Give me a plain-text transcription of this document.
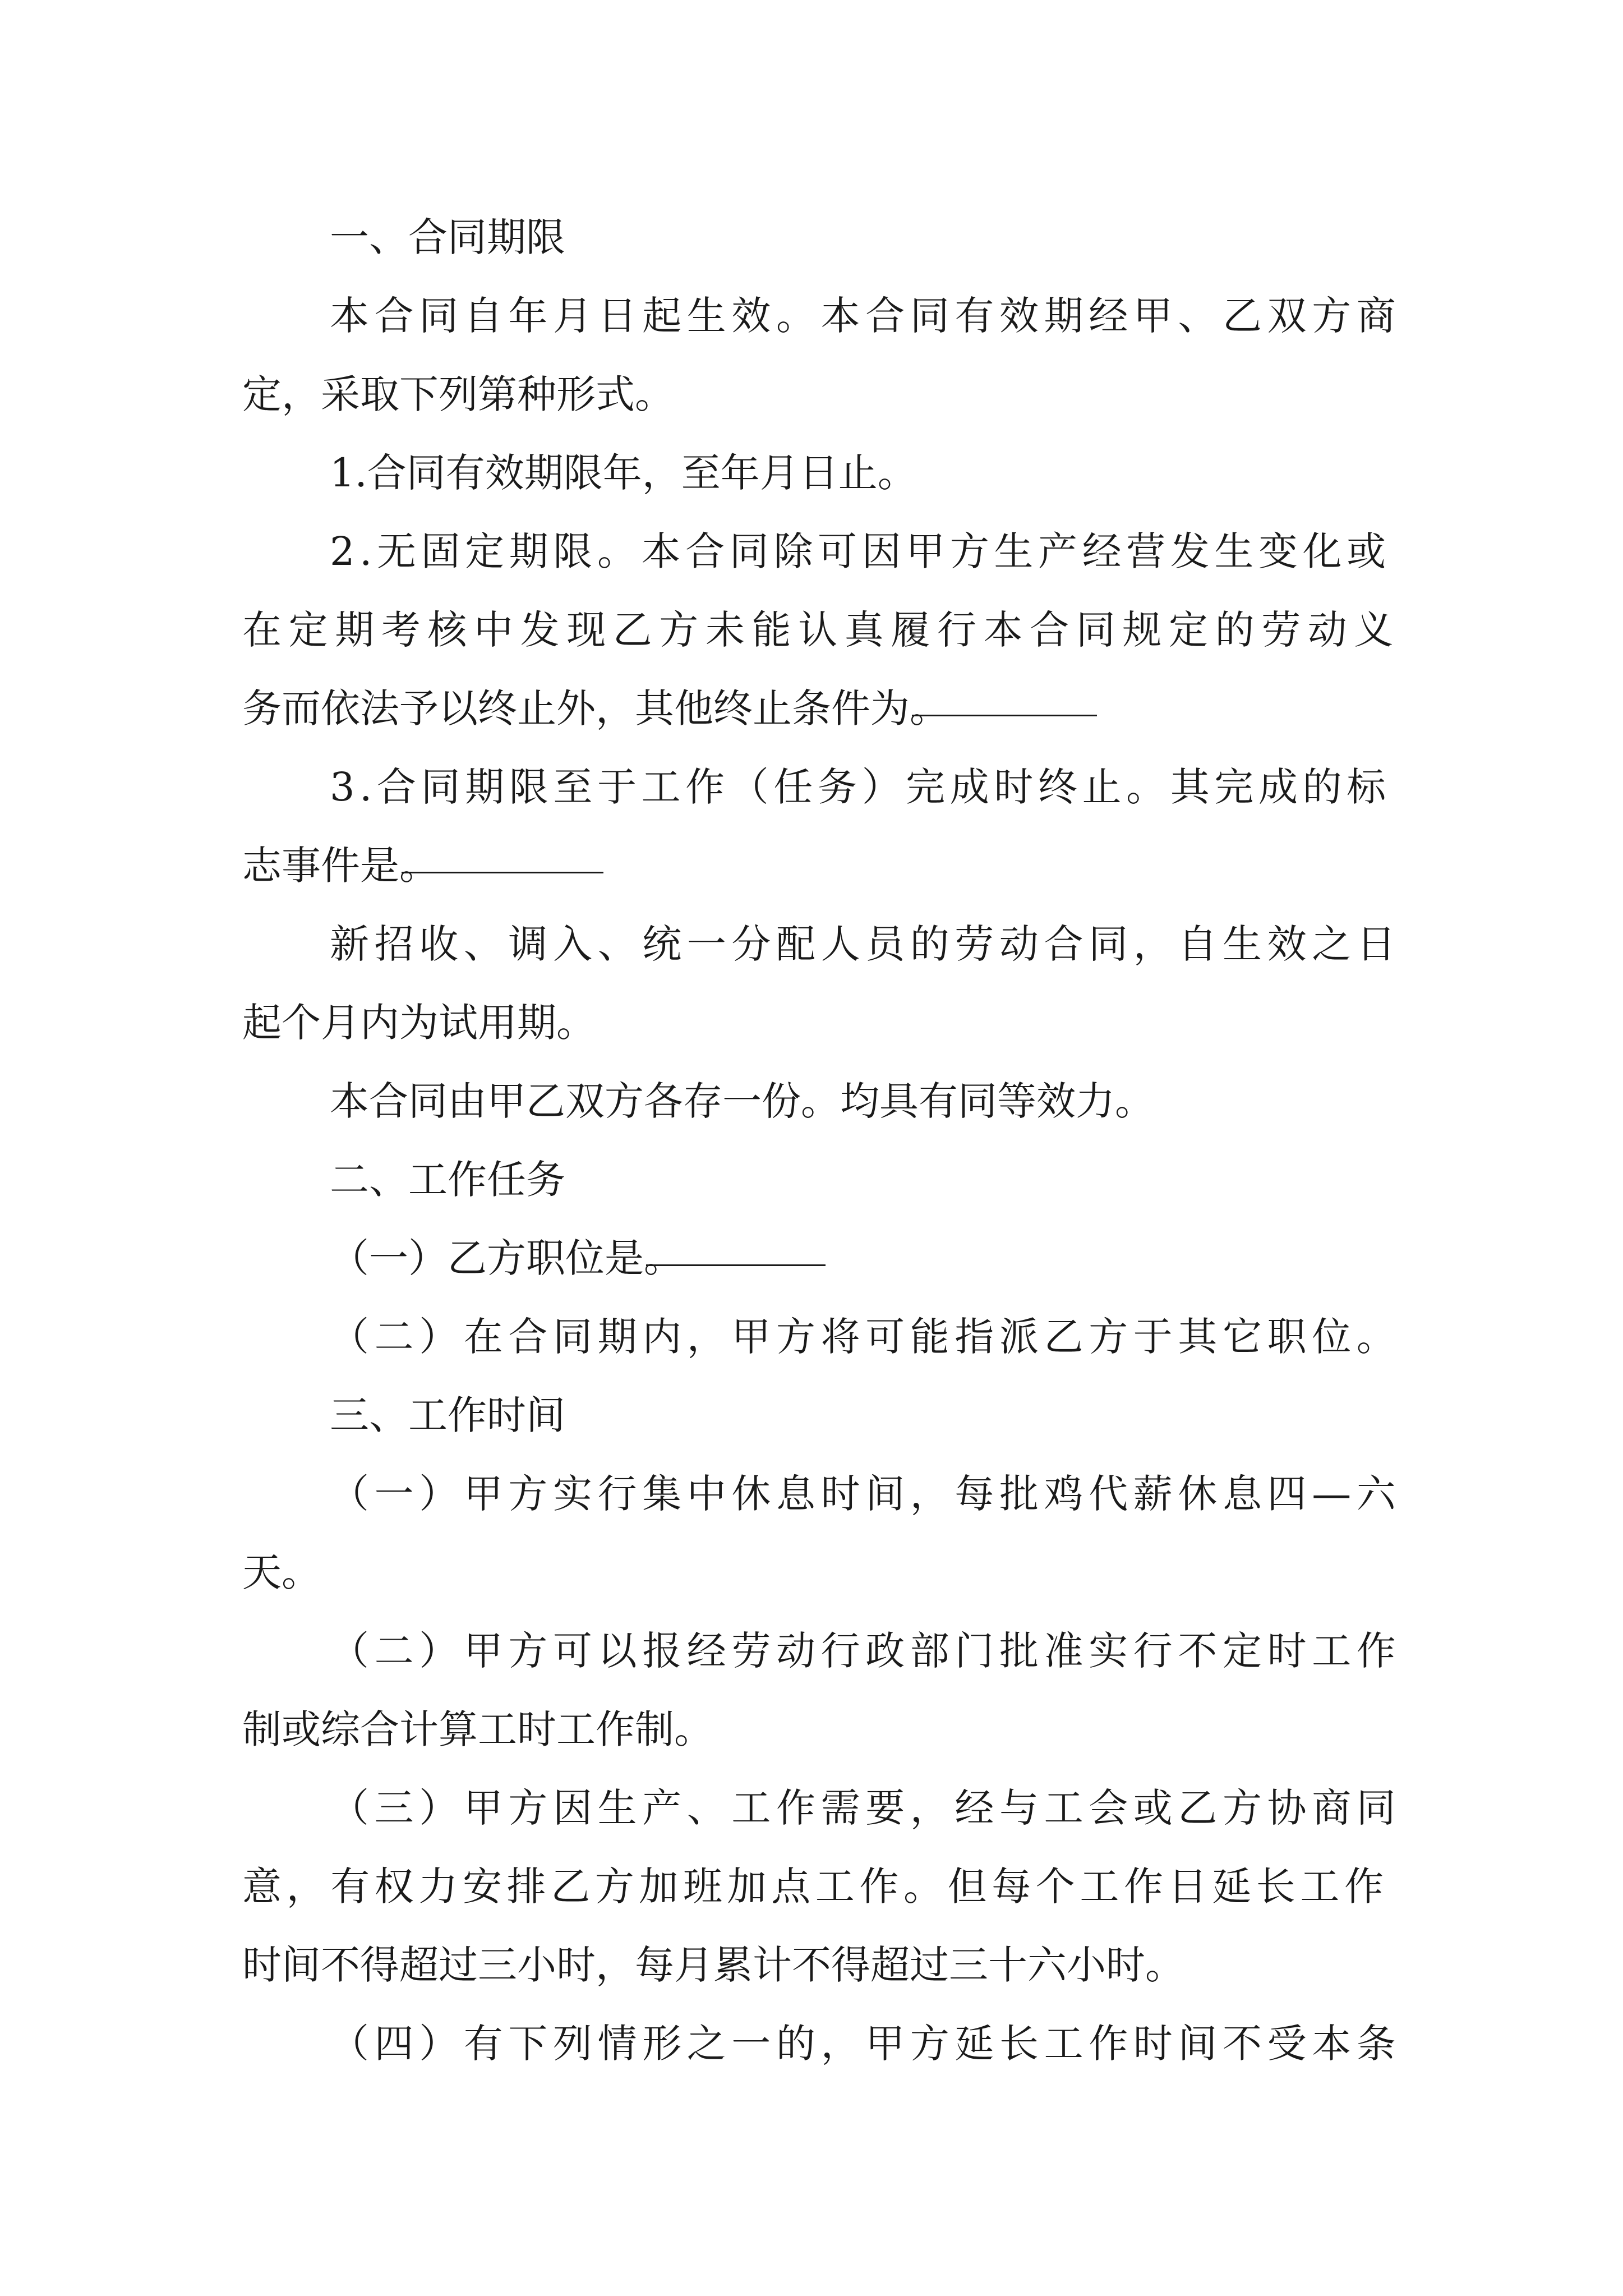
一、合同期限
本合同自年月日起生效。本合同有效期经甲、乙双方商
定，采取下列第种形式。
1.合同有效期限年，至年月日止。
2.无固定期限。本合同除可因甲方生产经营发生变化或
在定期考核中发现乙方未能认真履行本合同规定的劳动义
务而依法予以终止外，其他终止条件为
。
3.合同期限至于工作（任务）完成时终止。其完成的标
志事件是
。
新招收、调入、统一分配人员的劳动合同，自生效之日
起个月内为试用期。
本合同由甲乙双方各存一份。均具有同等效力。
二、工作任务
（一）乙方职位是
。
（二）在合同期内，甲方将可能指派乙方于其它职位。
三、工作时间
（一）甲方实行集中休息时间，每批鸡代薪休息四—六
天。
（二）甲方可以报经劳动行政部门批准实行不定时工作
制或综合计算工时工作制。
（三）甲方因生产、工作需要，经与工会或乙方协商同
意，有权力安排乙方加班加点工作。但每个工作日延长工作
时间不得超过三小时，每月累计不得超过三十六小时。
（四）有下列情形之一的，甲方延长工作时间不受本条
